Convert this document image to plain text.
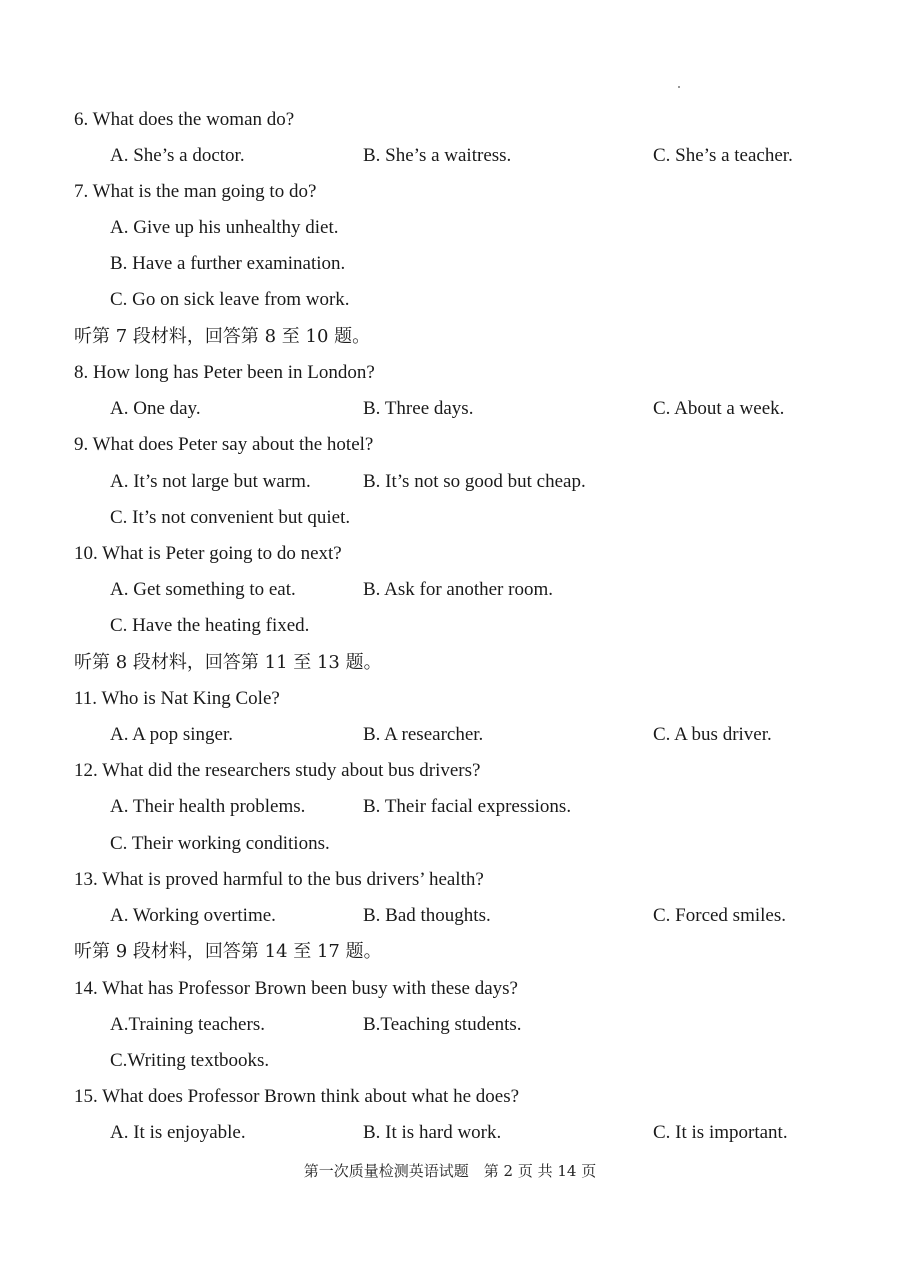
6. What does the woman do?
A. She’s a doctor.	B. She’s a waitress.	C. She’s a teacher.
7. What is the man going to do?
A. Give up his unhealthy diet.
B. Have a further examination.
C. Go on sick leave from work.
听第 7 段材料，回答第 8 至 10 题。
8. How long has Peter been in London?
A. One day.	B. Three days.	C. About a week.
9. What does Peter say about the hotel?
A. It’s not large but warm.	B. It’s not so good but cheap.
C. It’s not convenient but quiet.
10. What is Peter going to do next?
A. Get something to eat.	B. Ask for another room.
C. Have the heating fixed.
听第 8 段材料，回答第 11 至 13 题。
11. Who is Nat King Cole?
A. A pop singer.	B. A researcher.	C. A bus driver.
12. What did the researchers study about bus drivers?
A. Their health problems.	B. Their facial expressions.
C. Their working conditions.
13. What is proved harmful to the bus drivers’ health?
A. Working overtime.	B. Bad thoughts.	C. Forced smiles.
听第 9 段材料，回答第 14 至 17 题。
14. What has Professor Brown been busy with these days?
A.Training teachers.	B.Teaching students.
C.Writing textbooks.
15. What does Professor Brown think about what he does?
A. It is enjoyable.	B. It is hard work.	C. It is important.
第一次质量检测英语试题　第 2 页 共 14 页
